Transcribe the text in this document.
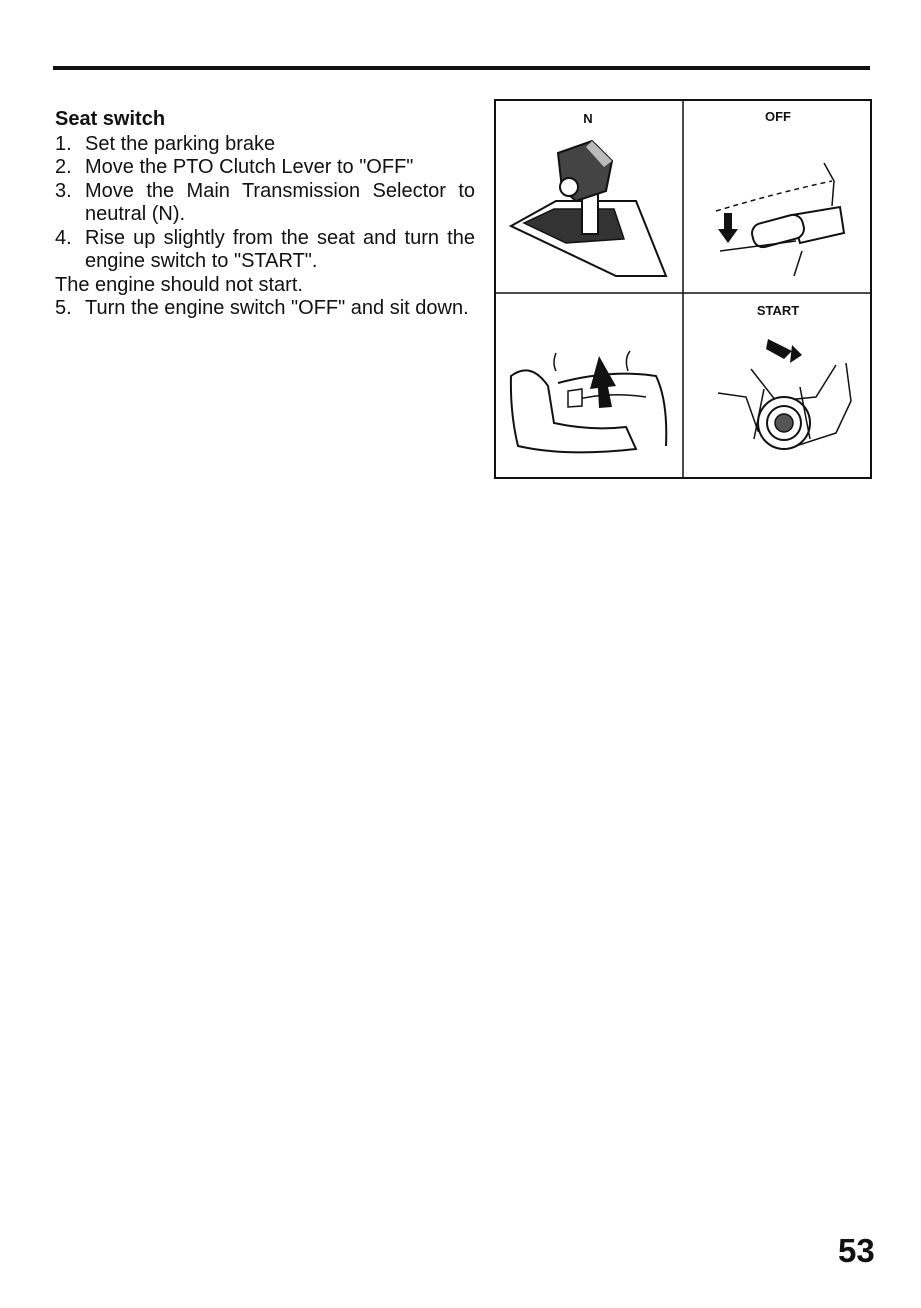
Seat switch
1. Set the parking brake
2. Move the PTO Clutch Lever to "OFF"
3. Move the Main Transmission Selector to neutral (N).
4. Rise up slightly from the seat and turn the engine switch to "START".

The engine should not start.

5. Turn the engine switch "OFF" and sit down.
N	OFF
START
53
